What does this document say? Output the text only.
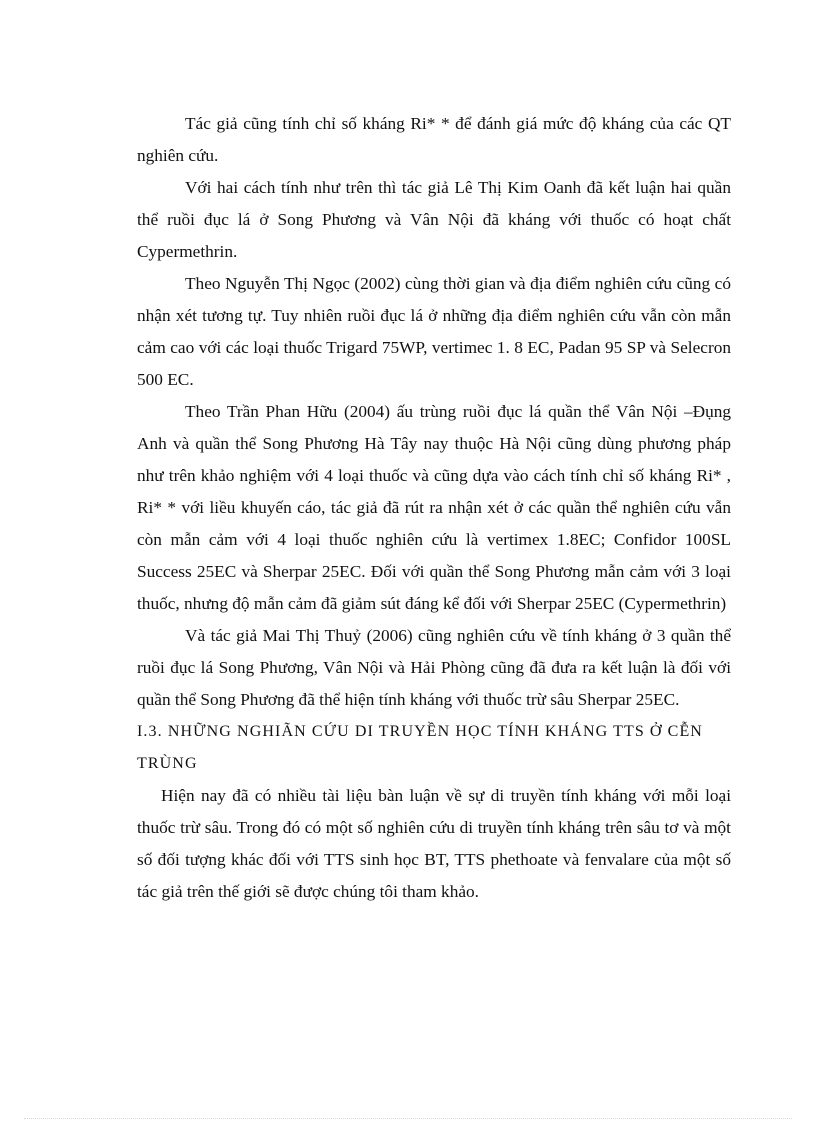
Tác giả cũng tính chỉ số kháng Ri* * để đánh giá mức độ kháng của các QT nghiên cứu.

Với hai cách tính như trên thì tác giả Lê Thị Kim Oanh đã kết luận hai quần thể ruồi đục lá ở Song Phương và Vân Nội đã kháng với thuốc có hoạt chất Cypermethrin.

Theo Nguyễn Thị Ngọc (2002) cùng thời gian và địa điểm nghiên cứu cũng có nhận xét tương tự. Tuy nhiên ruồi đục lá ở những địa điểm nghiên cứu vẫn còn mẫn cảm cao với các loại thuốc Trigard 75WP, vertimec 1. 8 EC, Padan 95 SP và Selecron 500 EC.

Theo Trần Phan Hữu (2004) ấu trùng ruồi đục lá quần thể Vân Nội –Đụng Anh và quần thể Song Phương Hà Tây nay thuộc Hà Nội cũng dùng phương pháp như trên khảo nghiệm với 4 loại thuốc và cũng dựa vào cách tính chỉ số kháng Ri* , Ri* * với liều khuyến cáo, tác giả đã rút ra nhận xét ở các quần thể nghiên cứu vẫn còn mẫn cảm với 4 loại thuốc nghiên cứu là vertimex 1.8EC; Confidor 100SL Success 25EC và Sherpar 25EC. Đối với quần thể Song Phương mẫn cảm với 3 loại thuốc, nhưng độ mẫn cảm đã giảm sút đáng kể đối với Sherpar 25EC (Cypermethrin)

Và tác giả Mai Thị Thuỷ (2006) cũng nghiên cứu về tính kháng ở 3 quần thể ruồi đục lá Song Phương, Vân Nội và Hải Phòng cũng đã đưa ra kết luận là đối với quần thể Song Phương đã thể hiện tính kháng với thuốc trừ sâu Sherpar 25EC.

I.3. NHỮNG NGHIÃN CỨU DI TRUYỀN HỌC TÍNH KHÁNG TTS Ở CỄN TRÙNG

Hiện nay đã có nhiều tài liệu bàn luận về sự di truyền tính kháng với mỗi loại thuốc trừ sâu. Trong đó có một số nghiên cứu di truyền tính kháng trên sâu tơ và một số đối tượng khác đối với TTS sinh học BT, TTS phethoate và fenvalare của một số tác giả trên thế giới sẽ được chúng tôi tham khảo.
